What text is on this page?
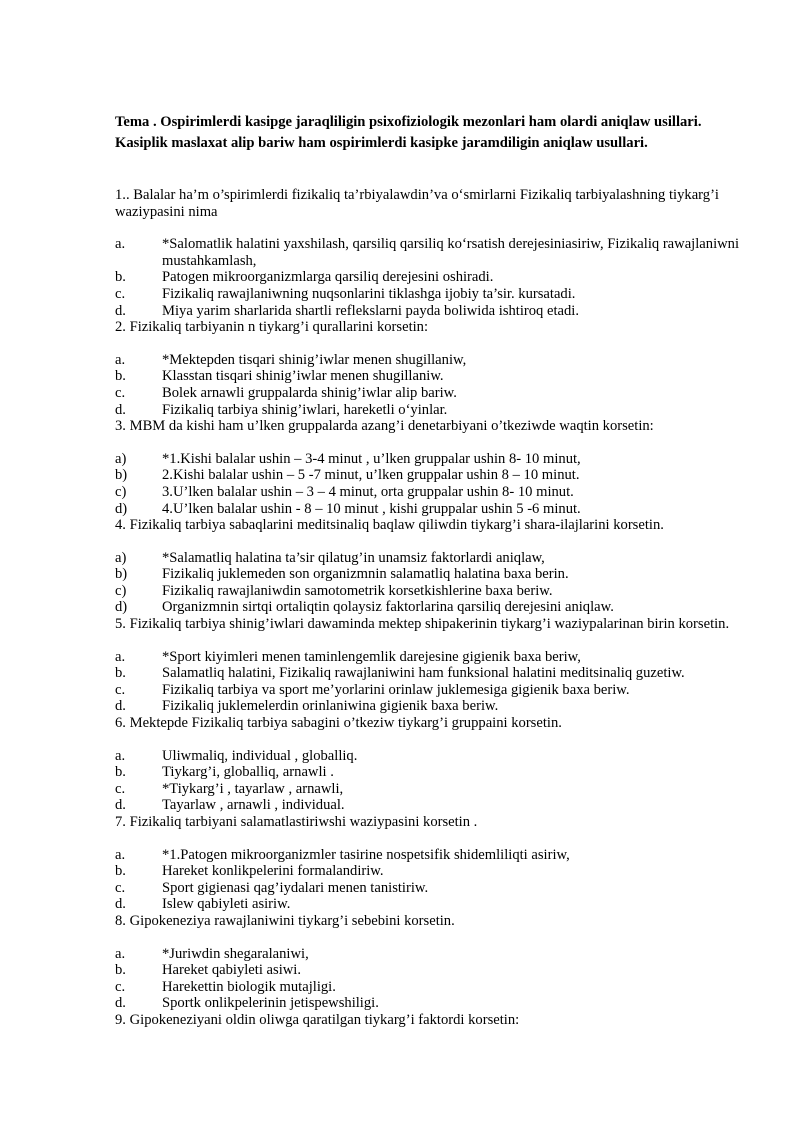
Tema . Ospirimlerdi kasipge jaraqliligin psixofiziologik mezonlari ham olardi aniqlaw usillari. Kasiplik maslaxat alip bariw ham ospirimlerdi kasipke jaramdiligin aniqlaw usullari.
1.. Balalar ha’m o’spirimlerdi fizikaliq ta’rbiyalawdin’va o‘smirlarni Fizikaliq tarbiyalashning tiykarg’i waziypasini nima
a.	*Salomatlik halatini yaxshilash, qarsiliq qarsiliq ko‘rsatish derejesiniasiriw, Fizikaliq rawajlaniwni mustahkamlash,
b.	Patogen mikroorganizmlarga qarsiliq derejesini oshiradi.
c.	Fizikaliq rawajlaniwning nuqsonlarini tiklashga ijobiy ta’sir. kursatadi.
d.	Miya yarim sharlarida shartli reflekslarni payda boliwida ishtiroq etadi.
2. Fizikaliq tarbiyanin n tiykarg’i qurallarini korsetin:
a.	*Mektepden tisqari shinig’iwlar menen shugillaniw,
b.	Klasstan tisqari shinig’iwlar menen shugillaniw.
c.	Bolek arnawli gruppalarda shinig’iwlar alip bariw.
d.	Fizikaliq tarbiya shinig’iwlari, hareketli o‘yinlar.
3. MBM da kishi ham u’lken gruppalarda azang’i denetarbiyani o’tkeziwde waqtin korsetin:
a)	*1.Kishi balalar ushin – 3-4 minut , u’lken gruppalar ushin 8- 10 minut,
b)	2.Kishi balalar ushin – 5 -7 minut, u’lken gruppalar ushin 8 – 10 minut.
c)	3.U’lken balalar ushin – 3 – 4 minut, orta gruppalar ushin 8- 10 minut.
d)	4.U’lken balalar ushin - 8 – 10 minut , kishi gruppalar ushin 5 -6 minut.
4. Fizikaliq tarbiya sabaqlarini meditsinaliq baqlaw qiliwdin tiykarg’i shara-ilajlarini korsetin.
a)	*Salamatliq halatina ta’sir qilatug’in unamsiz faktorlardi aniqlaw,
b)	Fizikaliq juklemeden son organizmnin salamatliq halatina baxa berin.
c)	Fizikaliq rawajlaniwdin samotometrik korsetkishlerine baxa beriw.
d)	Organizmnin sirtqi ortaliqtin qolaysiz faktorlarina qarsiliq derejesini aniqlaw.
5. Fizikaliq tarbiya shinig’iwlari dawaminda mektep shipakerinin tiykarg’i waziypalarinan birin korsetin.
a.	*Sport kiyimleri menen taminlengemlik darejesine gigienik baxa beriw,
b. Salamatliq halatini, Fizikaliq rawajlaniwini ham funksional halatini meditsinaliq guzetiw.
c.	Fizikaliq tarbiya va sport me’yorlarini orinlaw juklemesiga gigienik baxa beriw.
d.	Fizikaliq juklemelerdin orinlaniwina gigienik baxa beriw.
6. Mektepde Fizikaliq tarbiya sabagini o’tkeziw tiykarg’i gruppaini korsetin.
a.	Uliwmaliq, individual , globalliq.
b.	Tiykarg’i, globalliq, arnawli .
c.	*Tiykarg’i , tayarlaw , arnawli,
d.	Tayarlaw , arnawli , individual.
7. Fizikaliq tarbiyani salamatlastiriwshi waziypasini korsetin .
a.	*1.Patogen mikroorganizmler tasirine nospetsifik shidemliliqti asiriw,
b.	Hareket konlikpelerini formalandiriw.
c.	Sport gigienasi qag’iydalari menen tanistiriw.
d.	Islew qabiyleti asiriw.
8. Gipokeneziya rawajlaniwini tiykarg’i sebebini korsetin.
a.	*Juriwdin shegaralaniwi,
b.	Hareket qabiyleti asiwi.
c.	Harekettin biologik mutajligi.
d.	Sportk onlikpelerinin jetispewshiligi.
9. Gipokeneziyani oldin oliwga qaratilgan tiykarg’i faktordi korsetin:
